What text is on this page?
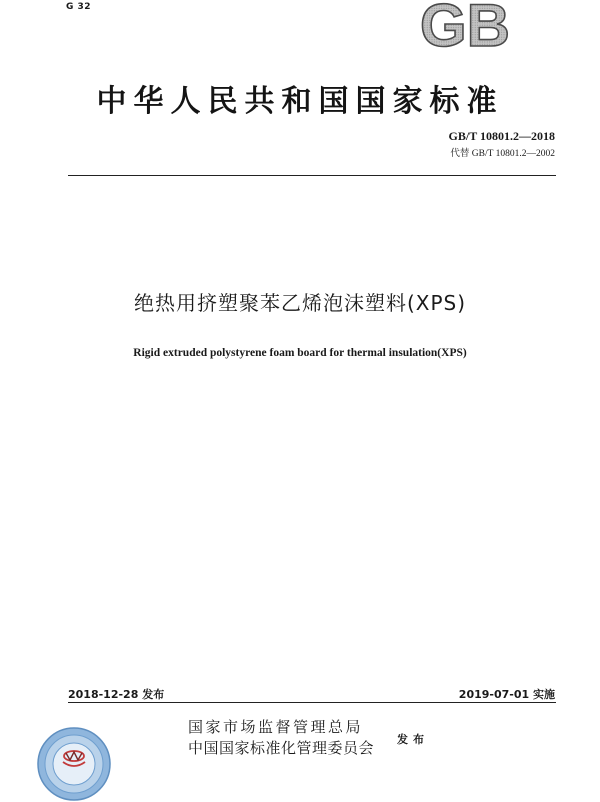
G 32	GB
中华人民共和国国家标准
GB/T 10801.2—2018
代替 GB/T 10801.2—2002
绝热用挤塑聚苯乙烯泡沫塑料(XPS)
Rigid extruded polystyrene foam board for thermal insulation(XPS)
2018-12-28 发布	2019-07-01 实施
国家市场监督管理总局
中国国家标准化管理委员会 发布
